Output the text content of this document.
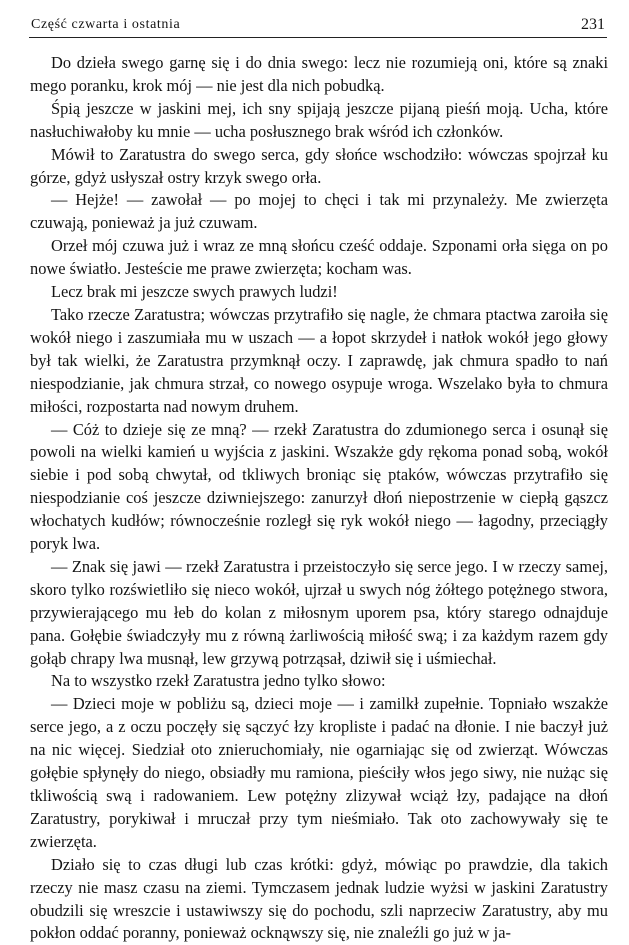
Część czwarta i ostatnia	231

Do dzieła swego garnę się i do dnia swego: lecz nie rozumieją oni, które są znaki mego poranku, krok mój — nie jest dla nich pobudką.

Śpią jeszcze w jaskini mej, ich sny spijają jeszcze pijaną pieśń moją. Ucha, które nasłuchiwałoby ku mnie — ucha posłusznego brak wśród ich członków.

Mówił to Zaratustra do swego serca, gdy słońce wschodziło: wówczas spojrzał ku górze, gdyż usłyszał ostry krzyk swego orła.

— Hejże! — zawołał — po mojej to chęci i tak mi przynależy. Me zwierzęta czuwają, ponieważ ja już czuwam.

Orzeł mój czuwa już i wraz ze mną słońcu cześć oddaje. Szponami orła sięga on po nowe światło. Jesteście me prawe zwierzęta; kocham was.

Lecz brak mi jeszcze swych prawych ludzi!

Tako rzecze Zaratustra; wówczas przytrafiło się nagle, że chmara ptactwa zaroiła się wokół niego i zaszumiała mu w uszach — a łopot skrzydeł i natłok wokół jego głowy był tak wielki, że Zaratustra przymknął oczy. I zaprawdę, jak chmura spadło to nań niespodzianie, jak chmura strzał, co nowego osypuje wroga. Wszelako była to chmura miłości, rozpostarta nad nowym druhem.

— Cóż to dzieje się ze mną? — rzekł Zaratustra do zdumionego serca i osunął się powoli na wielki kamień u wyjścia z jaskini. Wszakże gdy rękoma ponad sobą, wokół siebie i pod sobą chwytał, od tkliwych broniąc się ptaków, wówczas przytrafiło się niespodzianie coś jeszcze dziwniejszego: zanurzył dłoń niepostrzenie w ciepłą gąszcz włochatych kudłów; równocześnie rozległ się ryk wokół niego — łagodny, przeciągły poryk lwa.

— Znak się jawi — rzekł Zaratustra i przeistoczyło się serce jego. I w rzeczy samej, skoro tylko rozświetliło się nieco wokół, ujrzał u swych nóg żółtego potężnego stwora, przywierającego mu łeb do kolan z miłosnym uporem psa, który starego odnajduje pana. Gołębie świadczyły mu z równą żarliwością miłość swą; i za każdym razem gdy gołąb chrapy lwa musnął, lew grzywą potrząsał, dziwił się i uśmiechał.

Na to wszystko rzekł Zaratustra jedno tylko słowo:

— Dzieci moje w pobliżu są, dzieci moje — i zamilkł zupełnie. Topniało wszakże serce jego, a z oczu poczęły się sączyć łzy kropliste i padać na dłonie. I nie baczył już na nic więcej. Siedział oto znieruchomiały, nie ogarniając się od zwierząt. Wówczas gołębie spłynęły do niego, obsiadły mu ramiona, pieściły włos jego siwy, nie nużąc się tkliwością swą i radowaniem. Lew potężny zlizywał wciąż łzy, padające na dłoń Zaratustry, porykiwał i mruczał przy tym nieśmiało. Tak oto zachowywały się te zwierzęta.

Działo się to czas długi lub czas krótki: gdyż, mówiąc po prawdzie, dla takich rzeczy nie masz czasu na ziemi. Tymczasem jednak ludzie wyżsi w jaskini Zaratustry obudzili się wreszcie i ustawiwszy się do pochodu, szli naprzeciw Zaratustry, aby mu pokłon oddać poranny, ponieważ ocknąwszy się, nie znaleźli go już w ja-
